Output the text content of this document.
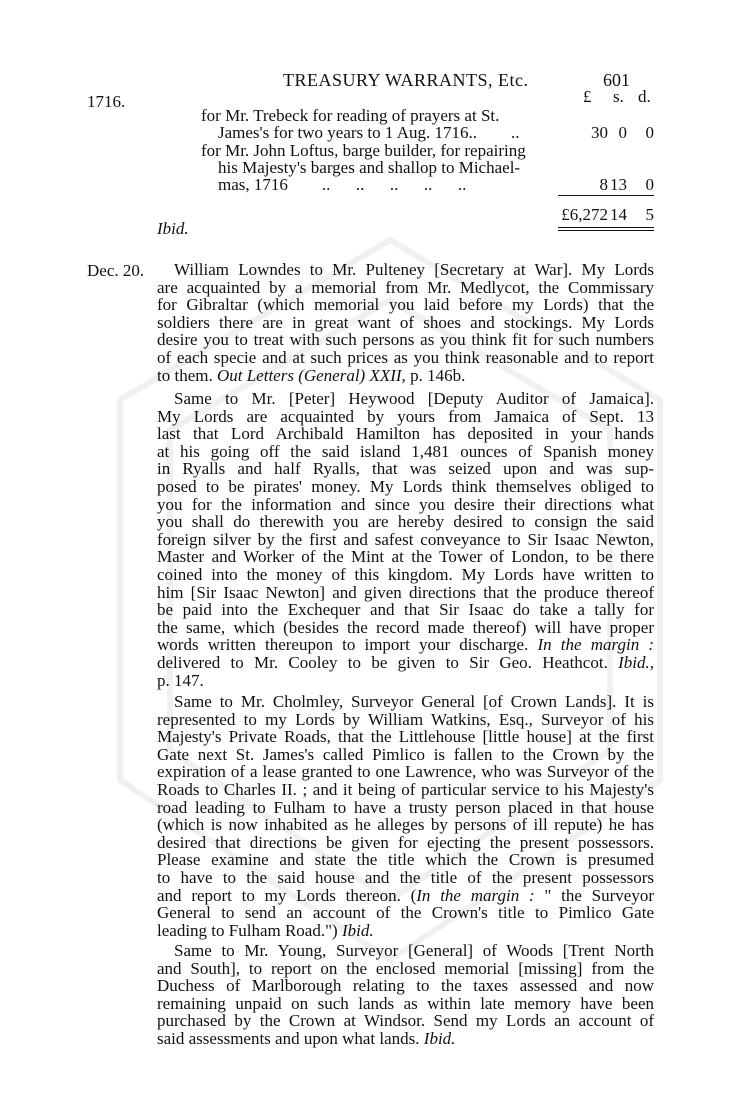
1716.
TREASURY WARRANTS, Etc.	601
£ s. d.
for Mr. Trebeck for reading of prayers at St.
James's for two years to 1 Aug. 1716..        ..	30 0	0
for Mr. John Loftus, barge builder, for repairing
his Majesty's barges and shallop to Michael-
mas, 1716        ..      ..      ..      ..      ..	8 13	0
£6,272 14	5
Ibid.
Dec. 20.	William Lowndes to Mr. Pulteney [Secretary at War]. My Lords
are acquainted by a memorial from Mr. Medlycot, the Commissary
for Gibraltar (which memorial you laid before my Lords) that the
soldiers there are in great want of shoes and stockings. My Lords
desire you to treat with such persons as you think fit for such numbers
of each specie and at such prices as you think reasonable and to report
to them. Out Letters (General) XXII, p. 146b.
Same to Mr. [Peter] Heywood [Deputy Auditor of Jamaica].
My Lords are acquainted by yours from Jamaica of Sept. 13
last that Lord Archibald Hamilton has deposited in your hands
at his going off the said island 1,481 ounces of Spanish money
in Ryalls and half Ryalls, that was seized upon and was sup-
posed to be pirates' money. My Lords think themselves obliged to
you for the information and since you desire their directions what
you shall do therewith you are hereby desired to consign the said
foreign silver by the first and safest conveyance to Sir Isaac Newton,
Master and Worker of the Mint at the Tower of London, to be there
coined into the money of this kingdom. My Lords have written to
him [Sir Isaac Newton] and given directions that the produce thereof
be paid into the Exchequer and that Sir Isaac do take a tally for
the same, which (besides the record made thereof) will have proper
words written thereupon to import your discharge. In the margin :
delivered to Mr. Cooley to be given to Sir Geo. Heathcot. Ibid.,
p. 147.
Same to Mr. Cholmley, Surveyor General [of Crown Lands]. It is
represented to my Lords by William Watkins, Esq., Surveyor of his
Majesty's Private Roads, that the Littlehouse [little house] at the first
Gate next St. James's called Pimlico is fallen to the Crown by the
expiration of a lease granted to one Lawrence, who was Surveyor of the
Roads to Charles II. ; and it being of particular service to his Majesty's
road leading to Fulham to have a trusty person placed in that house
(which is now inhabited as he alleges by persons of ill repute) he has
desired that directions be given for ejecting the present possessors.
Please examine and state the title which the Crown is presumed
to have to the said house and the title of the present possessors
and report to my Lords thereon. (In the margin : " the Surveyor
General to send an account of the Crown's title to Pimlico Gate
leading to Fulham Road.") Ibid.
Same to Mr. Young, Surveyor [General] of Woods [Trent North
and South], to report on the enclosed memorial [missing] from the
Duchess of Marlborough relating to the taxes assessed and now
remaining unpaid on such lands as within late memory have been
purchased by the Crown at Windsor. Send my Lords an account of
said assessments and upon what lands. Ibid.
